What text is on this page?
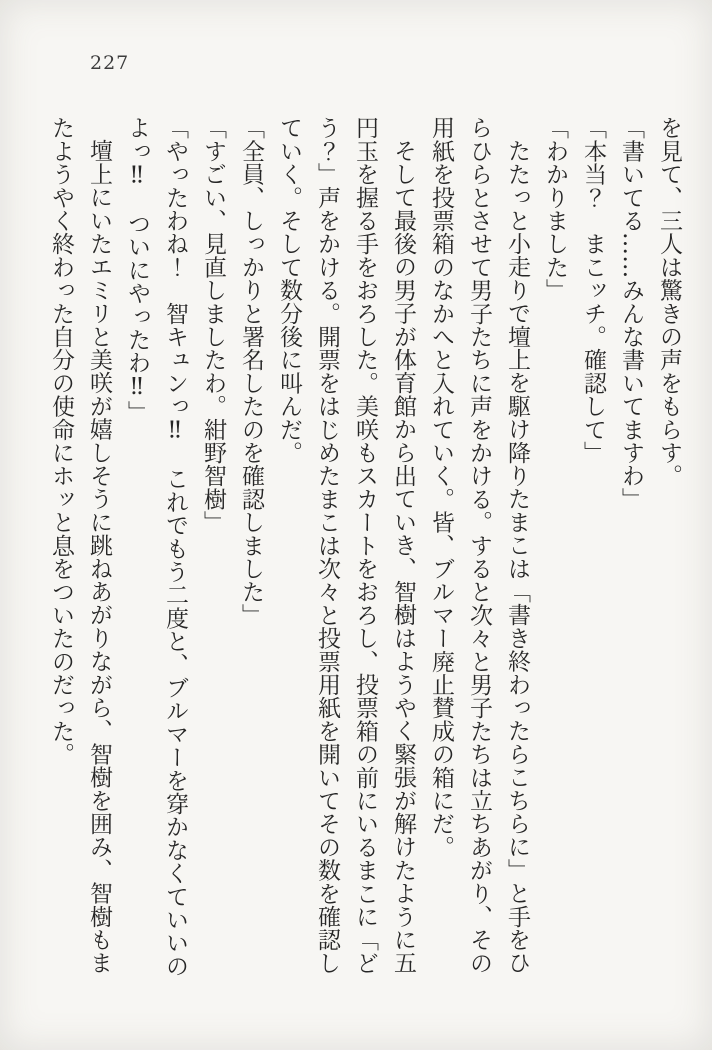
227

を見て、三人は驚きの声をもらす。

「書いてる……みんな書いてますわ」

「本当？　まこッチ。確認して」

「わかりました」

たたっと小走りで壇上を駆け降りたまこは「書き終わったらこちらに」と手をひらひらとさせて男子たちに声をかける。すると次々と男子たちは立ちあがり、その用紙を投票箱のなかへと入れていく。皆、ブルマー廃止賛成の箱にだ。

そして最後の男子が体育館から出ていき、智樹はようやく緊張が解けたように五円玉を握る手をおろした。美咲もスカートをおろし、投票箱の前にいるまこに「どう？」声をかける。開票をはじめたまこは次々と投票用紙を開いてその数を確認していく。そして数分後に叫んだ。

「全員、しっかりと署名したのを確認しました」

「すごい、見直しましたわ。紺野智樹」

「やったわね！　智キュンっ‼　これでもう二度と、ブルマーを穿かなくていいのよっ‼　ついにやったわ‼」

壇上にいたエミリと美咲が嬉しそうに跳ねあがりながら、智樹を囲み、智樹もまたようやく終わった自分の使命にホッと息をついたのだった。
